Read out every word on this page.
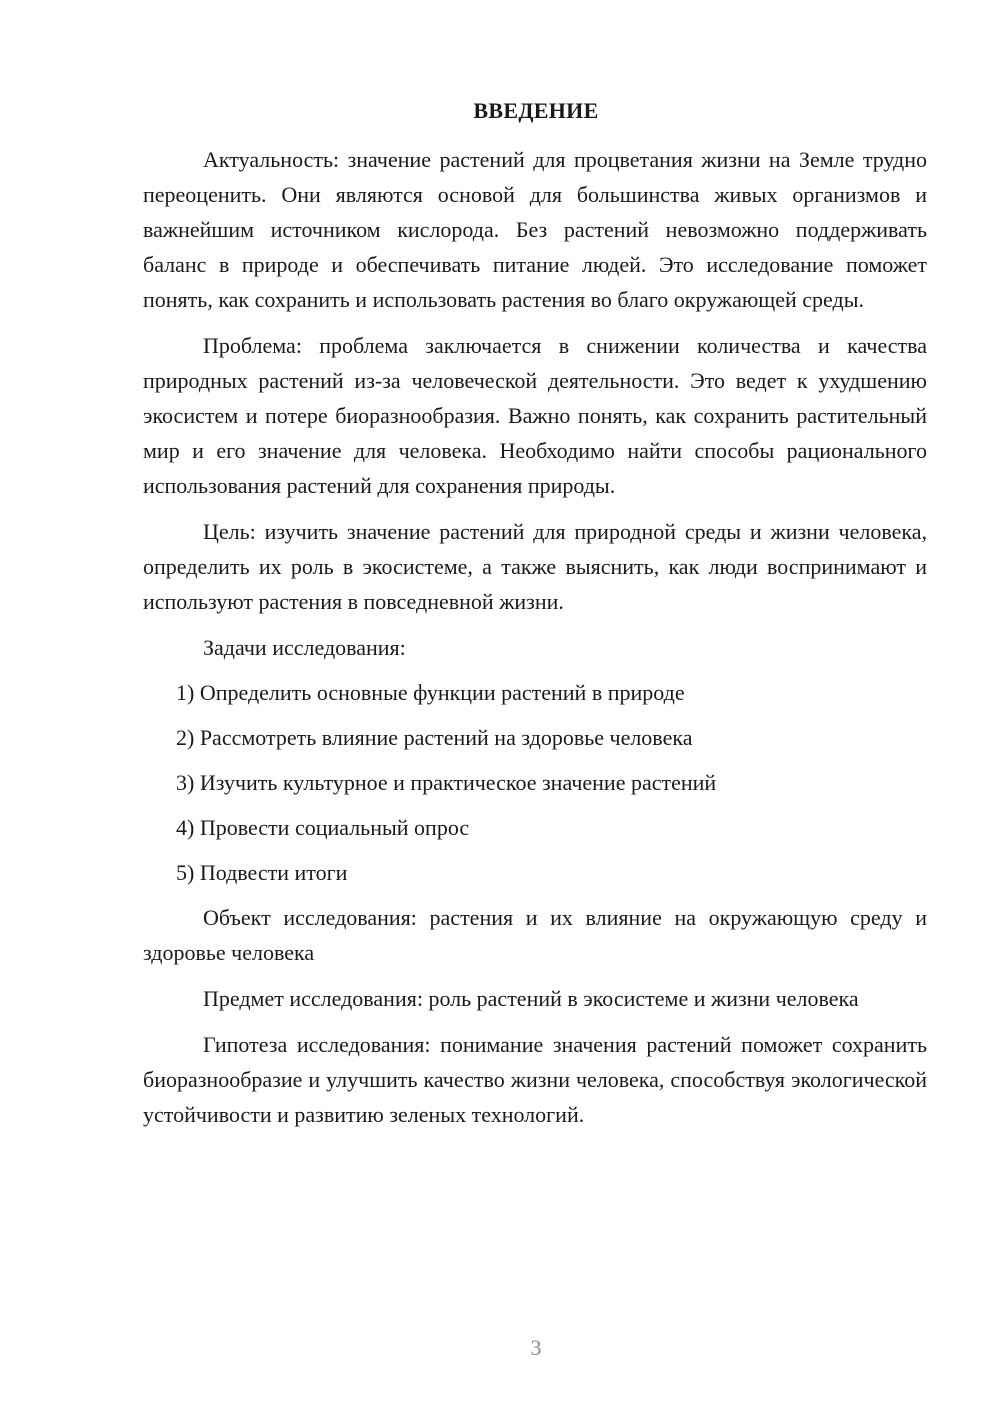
ВВЕДЕНИЕ

Актуальность: значение растений для процветания жизни на Земле трудно переоценить. Они являются основой для большинства живых организмов и важнейшим источником кислорода. Без растений невозможно поддерживать баланс в природе и обеспечивать питание людей. Это исследование поможет понять, как сохранить и использовать растения во благо окружающей среды.

Проблема: проблема заключается в снижении количества и качества природных растений из-за человеческой деятельности. Это ведет к ухудшению экосистем и потере биоразнообразия. Важно понять, как сохранить растительный мир и его значение для человека. Необходимо найти способы рационального использования растений для сохранения природы.

Цель: изучить значение растений для природной среды и жизни человека, определить их роль в экосистеме, а также выяснить, как люди воспринимают и используют растения в повседневной жизни.

Задачи исследования:

1) Определить основные функции растений в природе
2) Рассмотреть влияние растений на здоровье человека
3) Изучить культурное и практическое значение растений
4) Провести социальный опрос
5) Подвести итоги

Объект исследования: растения и их влияние на окружающую среду и здоровье человека

Предмет исследования: роль растений в экосистеме и жизни человека

Гипотеза исследования: понимание значения растений поможет сохранить биоразнообразие и улучшить качество жизни человека, способствуя экологической устойчивости и развитию зеленых технологий.

3
